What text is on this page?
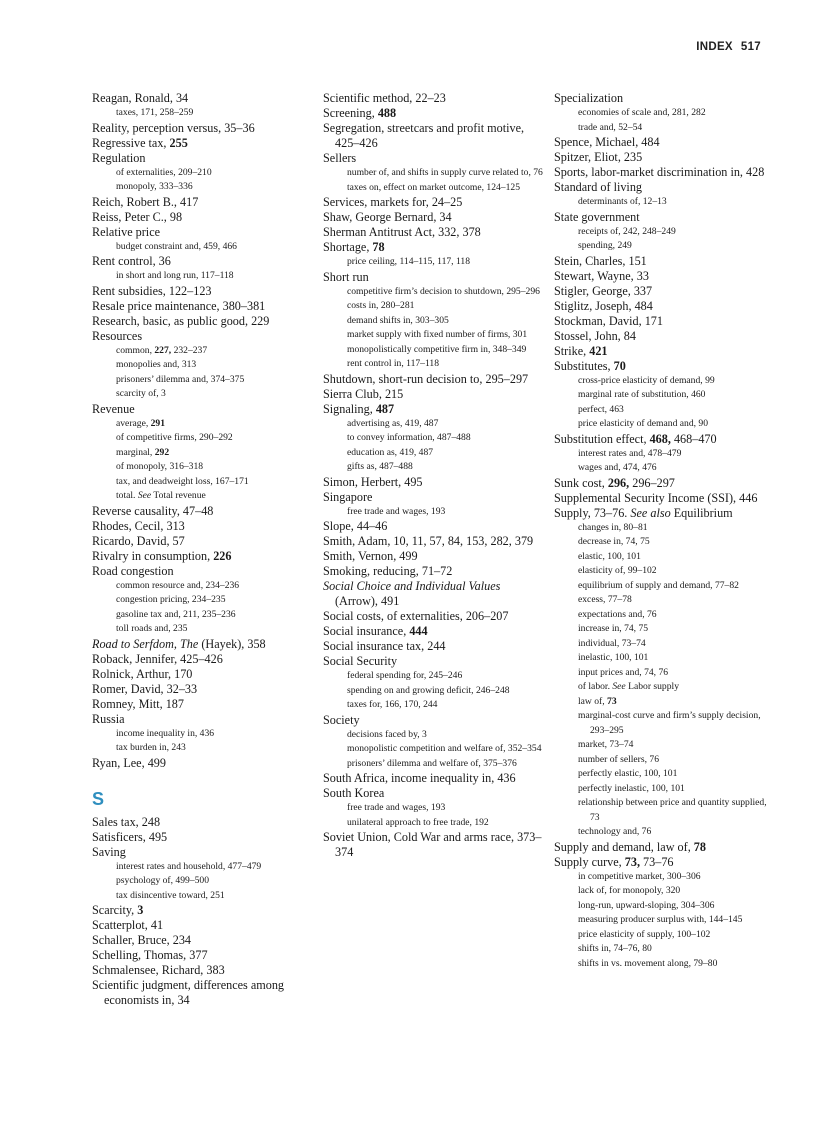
INDEX 517
Reagan, Ronald, 34
taxes, 171, 258–259
Reality, perception versus, 35–36
Regressive tax, 255
Regulation
of externalities, 209–210
monopoly, 333–336
Reich, Robert B., 417
Reiss, Peter C., 98
Relative price
budget constraint and, 459, 466
Rent control, 36
in short and long run, 117–118
Rent subsidies, 122–123
Resale price maintenance, 380–381
Research, basic, as public good, 229
Resources
common, 227, 232–237
monopolies and, 313
prisoners’ dilemma and, 374–375
scarcity of, 3
Revenue
average, 291
of competitive firms, 290–292
marginal, 292
of monopoly, 316–318
tax, and deadweight loss, 167–171
total. See Total revenue
Reverse causality, 47–48
Rhodes, Cecil, 313
Ricardo, David, 57
Rivalry in consumption, 226
Road congestion
common resource and, 234–236
congestion pricing, 234–235
gasoline tax and, 211, 235–236
toll roads and, 235
Road to Serfdom, The (Hayek), 358
Roback, Jennifer, 425–426
Rolnick, Arthur, 170
Romer, David, 32–33
Romney, Mitt, 187
Russia
income inequality in, 436
tax burden in, 243
Ryan, Lee, 499
S
Sales tax, 248
Satisficers, 495
Saving
interest rates and household, 477–479
psychology of, 499–500
tax disincentive toward, 251
Scarcity, 3
Scatterplot, 41
Schaller, Bruce, 234
Schelling, Thomas, 377
Schmalensee, Richard, 383
Scientific judgment, differences among economists in, 34
Scientific method, 22–23
Screening, 488
Segregation, streetcars and profit motive, 425–426
Sellers
number of, and shifts in supply curve related to, 76
taxes on, effect on market outcome, 124–125
Services, markets for, 24–25
Shaw, George Bernard, 34
Sherman Antitrust Act, 332, 378
Shortage, 78
price ceiling, 114–115, 117, 118
Short run
competitive firm’s decision to shutdown, 295–296
costs in, 280–281
demand shifts in, 303–305
market supply with fixed number of firms, 301
monopolistically competitive firm in, 348–349
rent control in, 117–118
Shutdown, short-run decision to, 295–297
Sierra Club, 215
Signaling, 487
advertising as, 419, 487
to convey information, 487–488
education as, 419, 487
gifts as, 487–488
Simon, Herbert, 495
Singapore
free trade and wages, 193
Slope, 44–46
Smith, Adam, 10, 11, 57, 84, 153, 282, 379
Smith, Vernon, 499
Smoking, reducing, 71–72
Social Choice and Individual Values (Arrow), 491
Social costs, of externalities, 206–207
Social insurance, 444
Social insurance tax, 244
Social Security
federal spending for, 245–246
spending on and growing deficit, 246–248
taxes for, 166, 170, 244
Society
decisions faced by, 3
monopolistic competition and welfare of, 352–354
prisoners’ dilemma and welfare of, 375–376
South Africa, income inequality in, 436
South Korea
free trade and wages, 193
unilateral approach to free trade, 192
Soviet Union, Cold War and arms race, 373–374
Specialization
economies of scale and, 281, 282
trade and, 52–54
Spence, Michael, 484
Spitzer, Eliot, 235
Sports, labor-market discrimination in, 428
Standard of living
determinants of, 12–13
State government
receipts of, 242, 248–249
spending, 249
Stein, Charles, 151
Stewart, Wayne, 33
Stigler, George, 337
Stiglitz, Joseph, 484
Stockman, David, 171
Stossel, John, 84
Strike, 421
Substitutes, 70
cross-price elasticity of demand, 99
marginal rate of substitution, 460
perfect, 463
price elasticity of demand and, 90
Substitution effect, 468, 468–470
interest rates and, 478–479
wages and, 474, 476
Sunk cost, 296, 296–297
Supplemental Security Income (SSI), 446
Supply, 73–76. See also Equilibrium
changes in, 80–81
decrease in, 74, 75
elastic, 100, 101
elasticity of, 99–102
equilibrium of supply and demand, 77–82
excess, 77–78
expectations and, 76
increase in, 74, 75
individual, 73–74
inelastic, 100, 101
input prices and, 74, 76
of labor. See Labor supply
law of, 73
marginal-cost curve and firm’s supply decision, 293–295
market, 73–74
number of sellers, 76
perfectly elastic, 100, 101
perfectly inelastic, 100, 101
relationship between price and quantity supplied, 73
technology and, 76
Supply and demand, law of, 78
Supply curve, 73, 73–76
in competitive market, 300–306
lack of, for monopoly, 320
long-run, upward-sloping, 304–306
measuring producer surplus with, 144–145
price elasticity of supply, 100–102
shifts in, 74–76, 80
shifts in vs. movement along, 79–80
